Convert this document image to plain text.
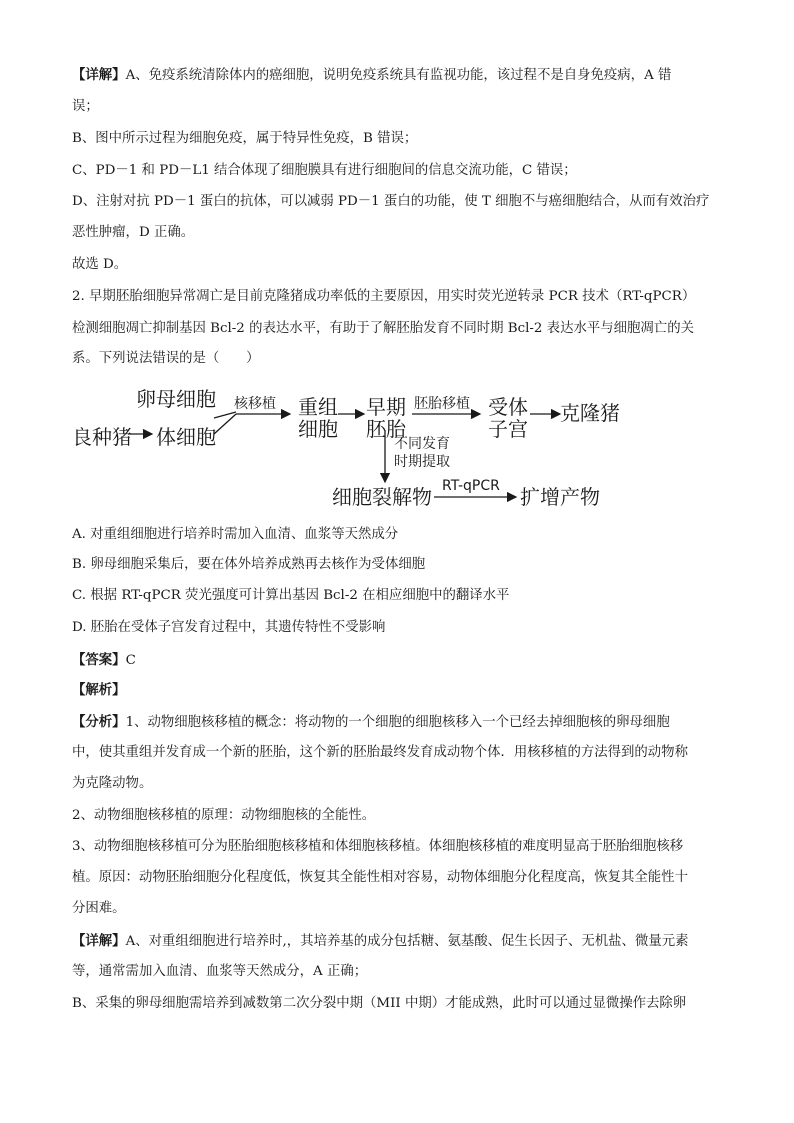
【详解】A、免疫系统清除体内的癌细胞，说明免疫系统具有监视功能，该过程不是自身免疫病，A 错
误；
B、图中所示过程为细胞免疫，属于特异性免疫，B 错误；
C、PD－1 和 PD－L1 结合体现了细胞膜具有进行细胞间的信息交流功能，C 错误；
D、注射对抗 PD－1 蛋白的抗体，可以减弱 PD－1 蛋白的功能，使 T 细胞不与癌细胞结合，从而有效治疗
恶性肿瘤，D 正确。
故选 D。
2. 早期胚胎细胞异常凋亡是目前克隆猪成功率低的主要原因，用实时荧光逆转录 PCR 技术（RT-qPCR）
检测细胞凋亡抑制基因 Bcl-2 的表达水平，有助于了解胚胎发育不同时期 Bcl-2 表达水平与细胞凋亡的关
系。下列说法错误的是（　　）
卵母细胞
良种猪 体细胞
核移植 重组
细胞
早期
胚胎
胚胎移植 受体
子宫
克隆猪
不同发育
时期提取
细胞裂解物 RT-qPCR 扩增产物
A. 对重组细胞进行培养时需加入血清、血浆等天然成分
B. 卵母细胞采集后，要在体外培养成熟再去核作为受体细胞
C. 根据 RT-qPCR 荧光强度可计算出基因 Bcl-2 在相应细胞中的翻译水平
D. 胚胎在受体子宫发育过程中，其遗传特性不受影响
【答案】C
【解析】
【分析】1、动物细胞核移植的概念：将动物的一个细胞的细胞核移入一个已经去掉细胞核的卵母细胞
中，使其重组并发育成一个新的胚胎，这个新的胚胎最终发育成动物个体．用核移植的方法得到的动物称
为克隆动物。
2、动物细胞核移植的原理：动物细胞核的全能性。
3、动物细胞核移植可分为胚胎细胞核移植和体细胞核移植。体细胞核移植的难度明显高于胚胎细胞核移
植。原因：动物胚胎细胞分化程度低，恢复其全能性相对容易，动物体细胞分化程度高，恢复其全能性十
分困难。
【详解】A、对重组细胞进行培养时,，其培养基的成分包括糖、氨基酸、促生长因子、无机盐、微量元素
等，通常需加入血清、血浆等天然成分，A 正确；
B、采集的卵母细胞需培养到减数第二次分裂中期（MII 中期）才能成熟，此时可以通过显微操作去除卵
